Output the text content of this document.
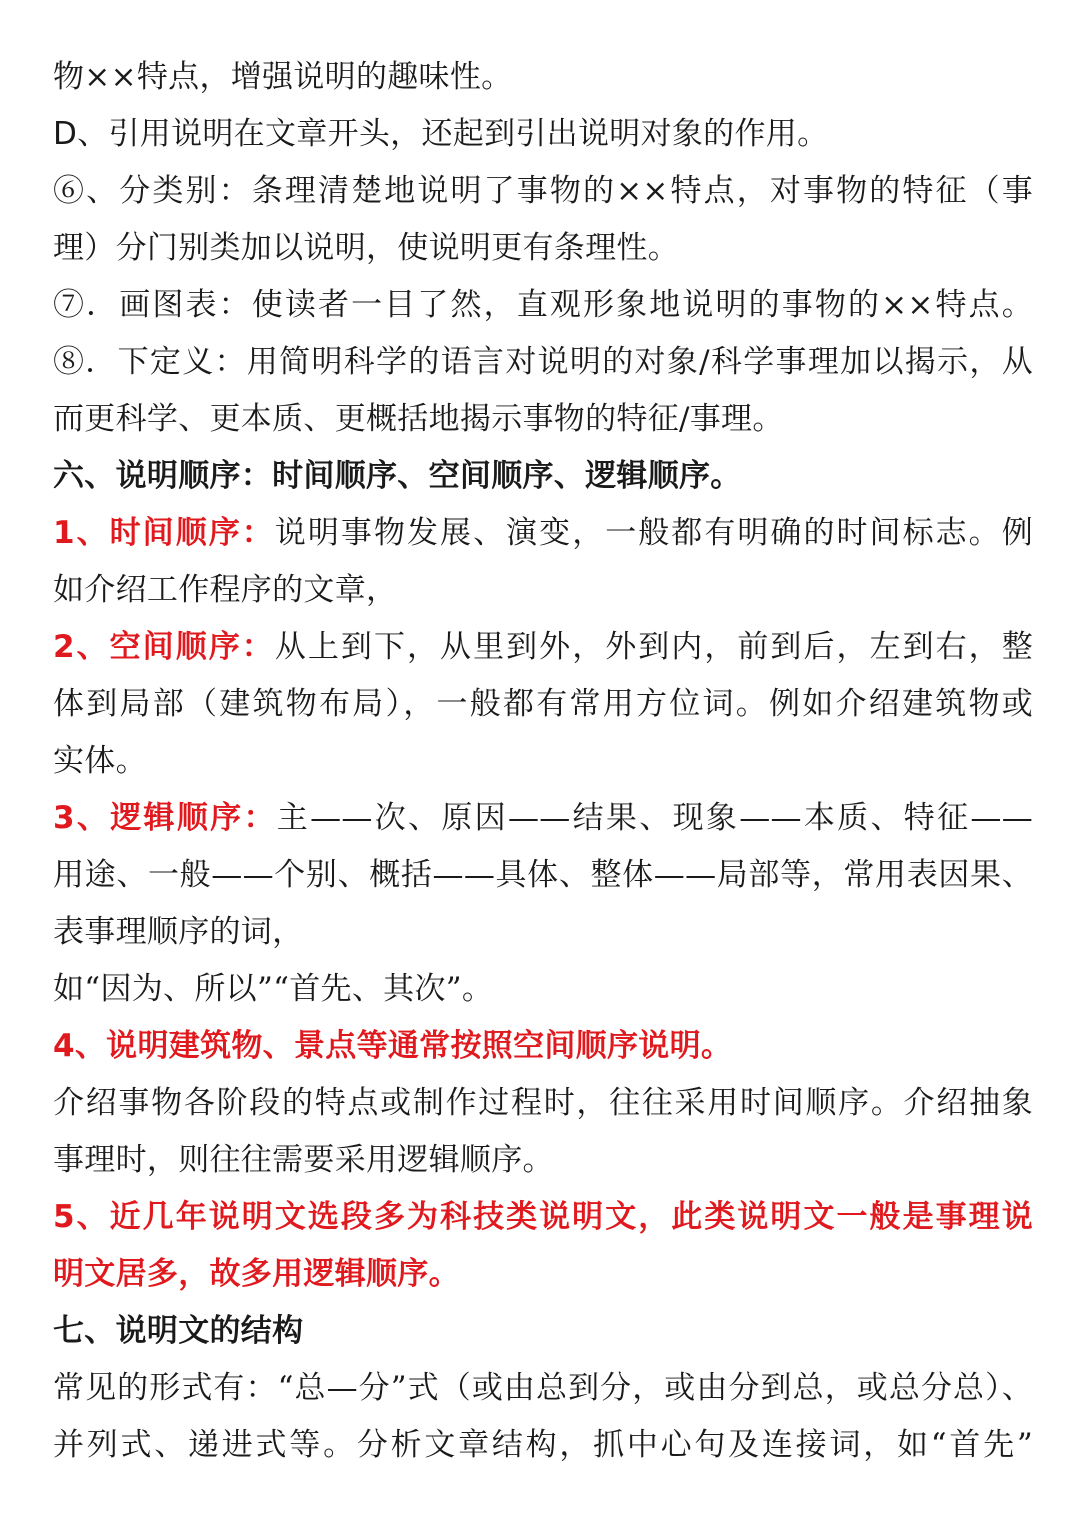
物××特点，增强说明的趣味性。
D、引用说明在文章开头，还起到引出说明对象的作用。
⑥、分类别：条理清楚地说明了事物的××特点，对事物的特征（事
理）分门别类加以说明，使说明更有条理性。
⑦．画图表：使读者一目了然，直观形象地说明的事物的××特点。
⑧．下定义：用简明科学的语言对说明的对象/科学事理加以揭示，从
而更科学、更本质、更概括地揭示事物的特征/事理。
六、说明顺序：时间顺序、空间顺序、逻辑顺序。
1、时间顺序：说明事物发展、演变，一般都有明确的时间标志。例
如介绍工作程序的文章，
2、空间顺序：从上到下，从里到外，外到内，前到后，左到右，整
体到局部（建筑物布局），一般都有常用方位词。例如介绍建筑物或
实体。
3、逻辑顺序：主——次、原因——结果、现象——本质、特征——
用途、一般——个别、概括——具体、整体——局部等，常用表因果、
表事理顺序的词，
如“因为、所以”“首先、其次”。
4、说明建筑物、景点等通常按照空间顺序说明。
介绍事物各阶段的特点或制作过程时，往往采用时间顺序。介绍抽象
事理时，则往往需要采用逻辑顺序。
5、近几年说明文选段多为科技类说明文，此类说明文一般是事理说
明文居多，故多用逻辑顺序。
七、说明文的结构
常见的形式有：“总—分”式（或由总到分，或由分到总，或总分总）、
并列式、递进式等。分析文章结构，抓中心句及连接词，如“首先”
